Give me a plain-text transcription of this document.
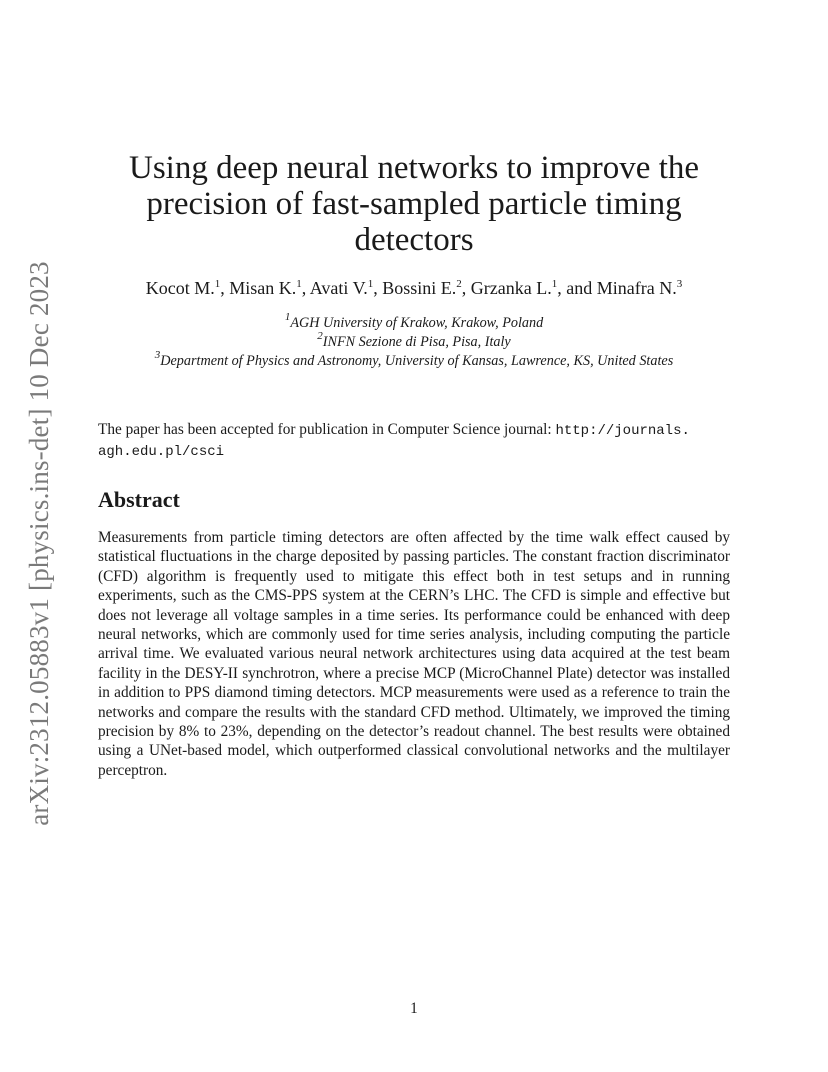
arXiv:2312.05883v1 [physics.ins-det] 10 Dec 2023
Using deep neural networks to improve the precision of fast-sampled particle timing detectors
Kocot M.$^1$, Misan K.$^1$, Avati V.$^1$, Bossini E.$^2$, Grzanka L.$^1$, and Minafra N.$^3$
$^1$AGH University of Krakow, Krakow, Poland
$^2$INFN Sezione di Pisa, Pisa, Italy
$^3$Department of Physics and Astronomy, University of Kansas, Lawrence, KS, United States
The paper has been accepted for publication in Computer Science journal: http://journals.
agh.edu.pl/csci
Abstract

Measurements from particle timing detectors are often affected by the time walk effect caused by statistical fluctuations in the charge deposited by passing particles. The constant fraction discriminator (CFD) algorithm is frequently used to mitigate this effect both in test setups and in running experiments, such as the CMS-PPS system at the CERN’s LHC. The CFD is simple and effective but does not leverage all voltage samples in a time series. Its performance could be enhanced with deep neural networks, which are commonly used for time series analysis, including computing the particle arrival time. We evaluated various neural network architectures using data acquired at the test beam facility in the DESY-II synchrotron, where a precise MCP (MicroChannel Plate) detector was installed in addition to PPS diamond timing detectors. MCP measurements were used as a reference to train the networks and compare the results with the standard CFD method. Ultimately, we improved the timing precision by 8% to 23%, depending on the detector’s readout channel. The best results were obtained using a UNet-based model, which outperformed classical convolutional networks and the multilayer perceptron.

1
